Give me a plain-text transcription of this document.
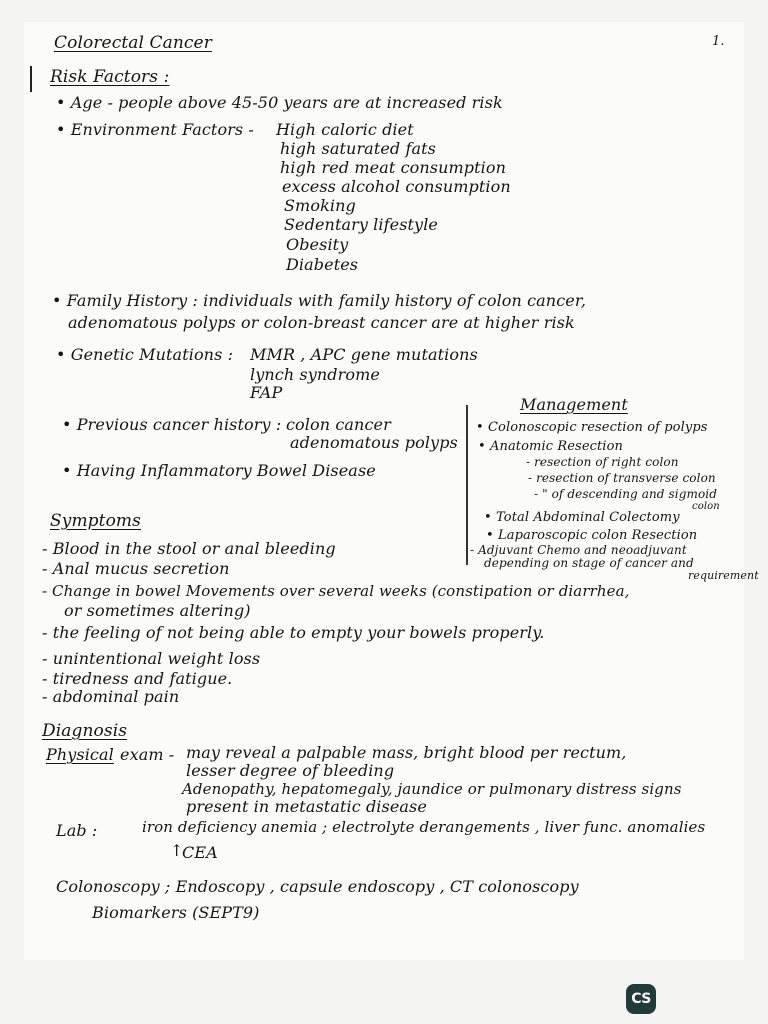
1.
Colorectal Cancer
Risk Factors :
• Age - people above 45-50 years are at increased risk
• Environment Factors - High caloric diet
high saturated fats
high red meat consumption
excess alcohol consumption
Smoking
Sedentary lifestyle
Obesity
Diabetes
• Family History : individuals with family history of colon cancer,
adenomatous polyps or colon-breast cancer are at higher risk
• Genetic Mutations : MMR , APC gene mutations
lynch syndrome
FAP
• Previous cancer history : colon cancer
adenomatous polyps
• Having Inflammatory Bowel Disease
Management
• Colonoscopic resection of polyps
• Anatomic Resection
- resection of right colon
- resection of transverse colon
- " of descending and sigmoid
colon
• Total Abdominal Colectomy
• Laparoscopic colon Resection
- Adjuvant Chemo and neoadjuvant
depending on stage of cancer and
requirement
Symptoms
- Blood in the stool or anal bleeding
- Anal mucus secretion
- Change in bowel Movements over several weeks (constipation or diarrhea,
or sometimes altering)
- the feeling of not being able to empty your bowels properly.
- unintentional weight loss
- tiredness and fatigue.
- abdominal pain
Diagnosis
Physical exam - may reveal a palpable mass, bright blood per rectum,
lesser degree of bleeding
Adenopathy, hepatomegaly, jaundice or pulmonary distress signs
present in metastatic disease
Lab :	iron deficiency anemia ; electrolyte derangements , liver func. anomalies
↑
CEA
Colonoscopy ; Endoscopy , capsule endoscopy , CT colonoscopy
Biomarkers (SEPT9)
CS
